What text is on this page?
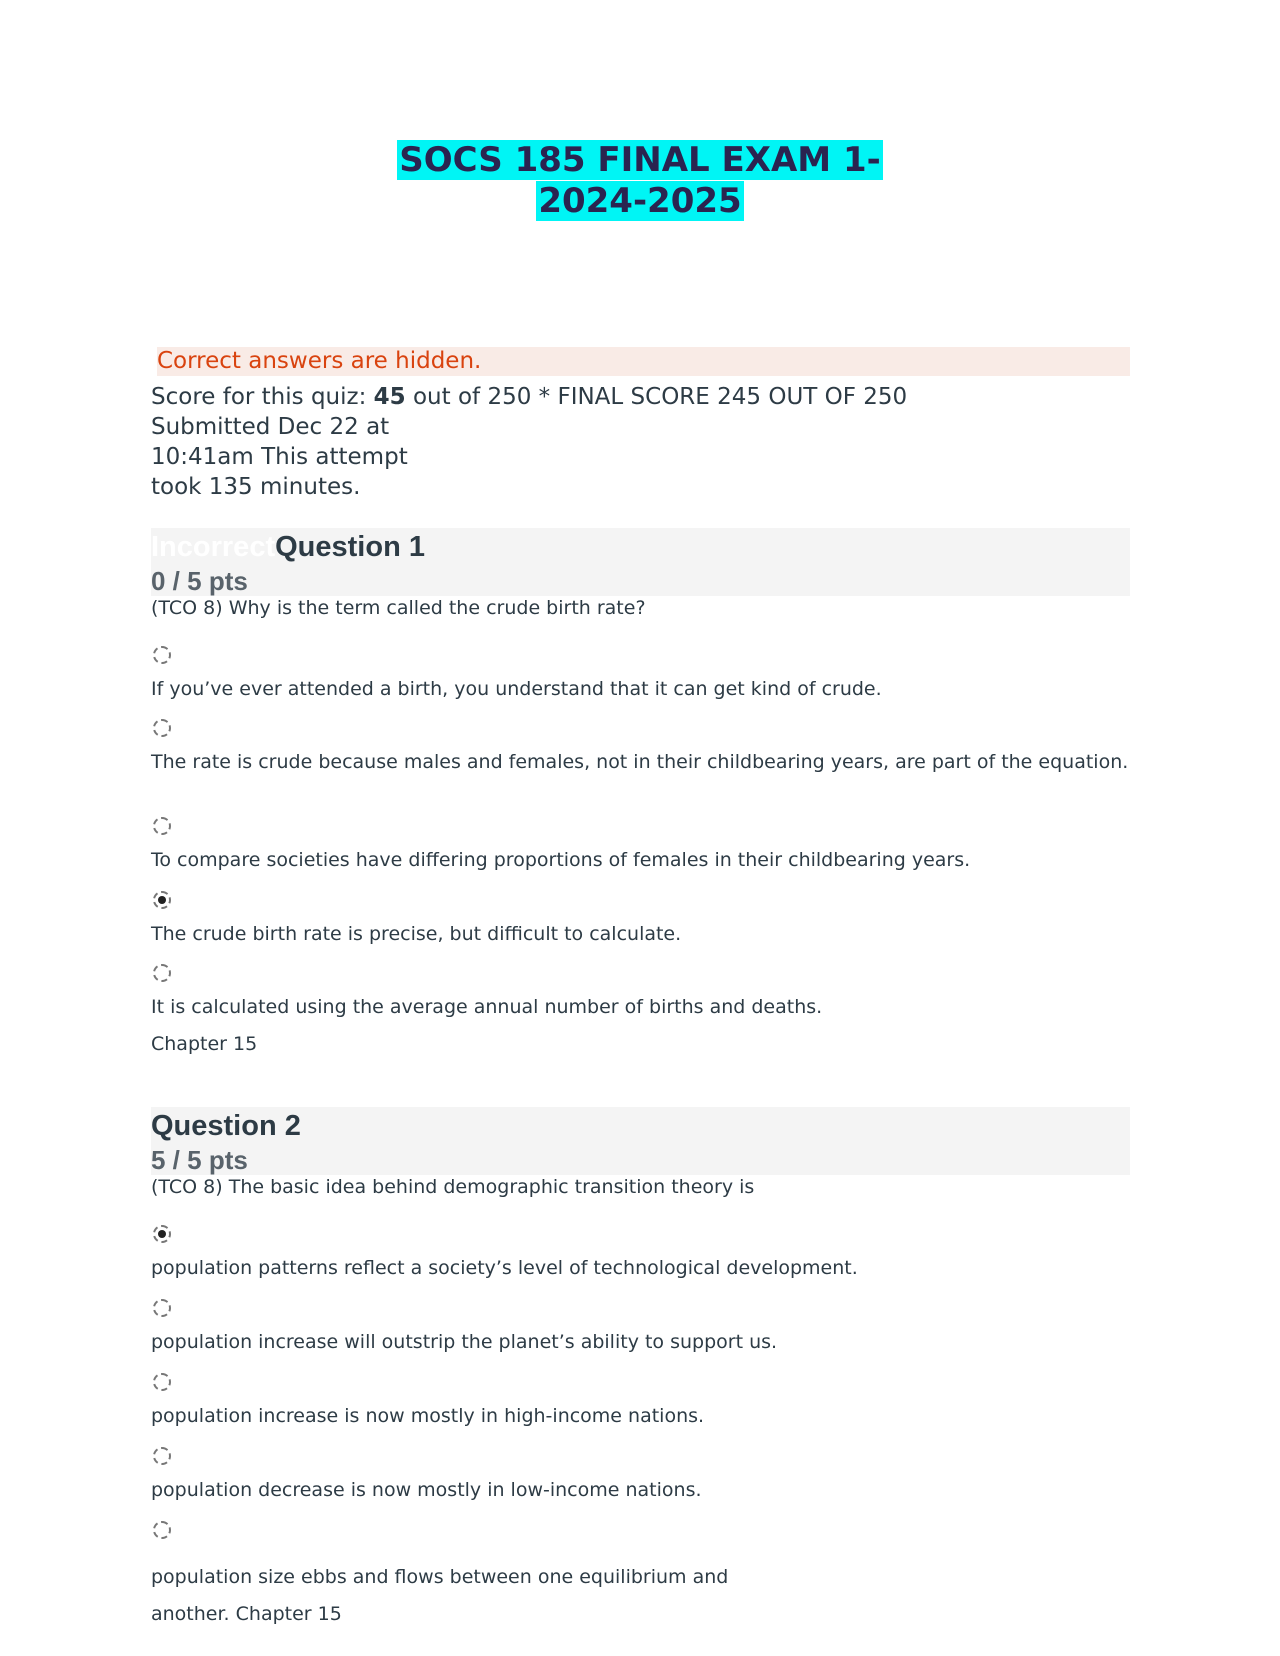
SOCS 185 FINAL EXAM 1-
2024-2025
Correct answers are hidden.
Score for this quiz: 45 out of 250 * FINAL SCORE 245 OUT OF 250
Submitted Dec 22 at
10:41am This attempt
took 135 minutes.
IncorrectQuestion 1
0 / 5 pts
(TCO 8) Why is the term called the crude birth rate?
If you’ve ever attended a birth, you understand that it can get kind of crude.
The rate is crude because males and females, not in their childbearing years, are part of the equation.
To compare societies have differing proportions of females in their childbearing years.
The crude birth rate is precise, but difficult to calculate.
It is calculated using the average annual number of births and deaths.
Chapter 15
Question 2
5 / 5 pts
(TCO 8) The basic idea behind demographic transition theory is
population patterns reflect a society’s level of technological development.
population increase will outstrip the planet’s ability to support us.
population increase is now mostly in high-income nations.
population decrease is now mostly in low-income nations.
population size ebbs and flows between one equilibrium and
another. Chapter 15
